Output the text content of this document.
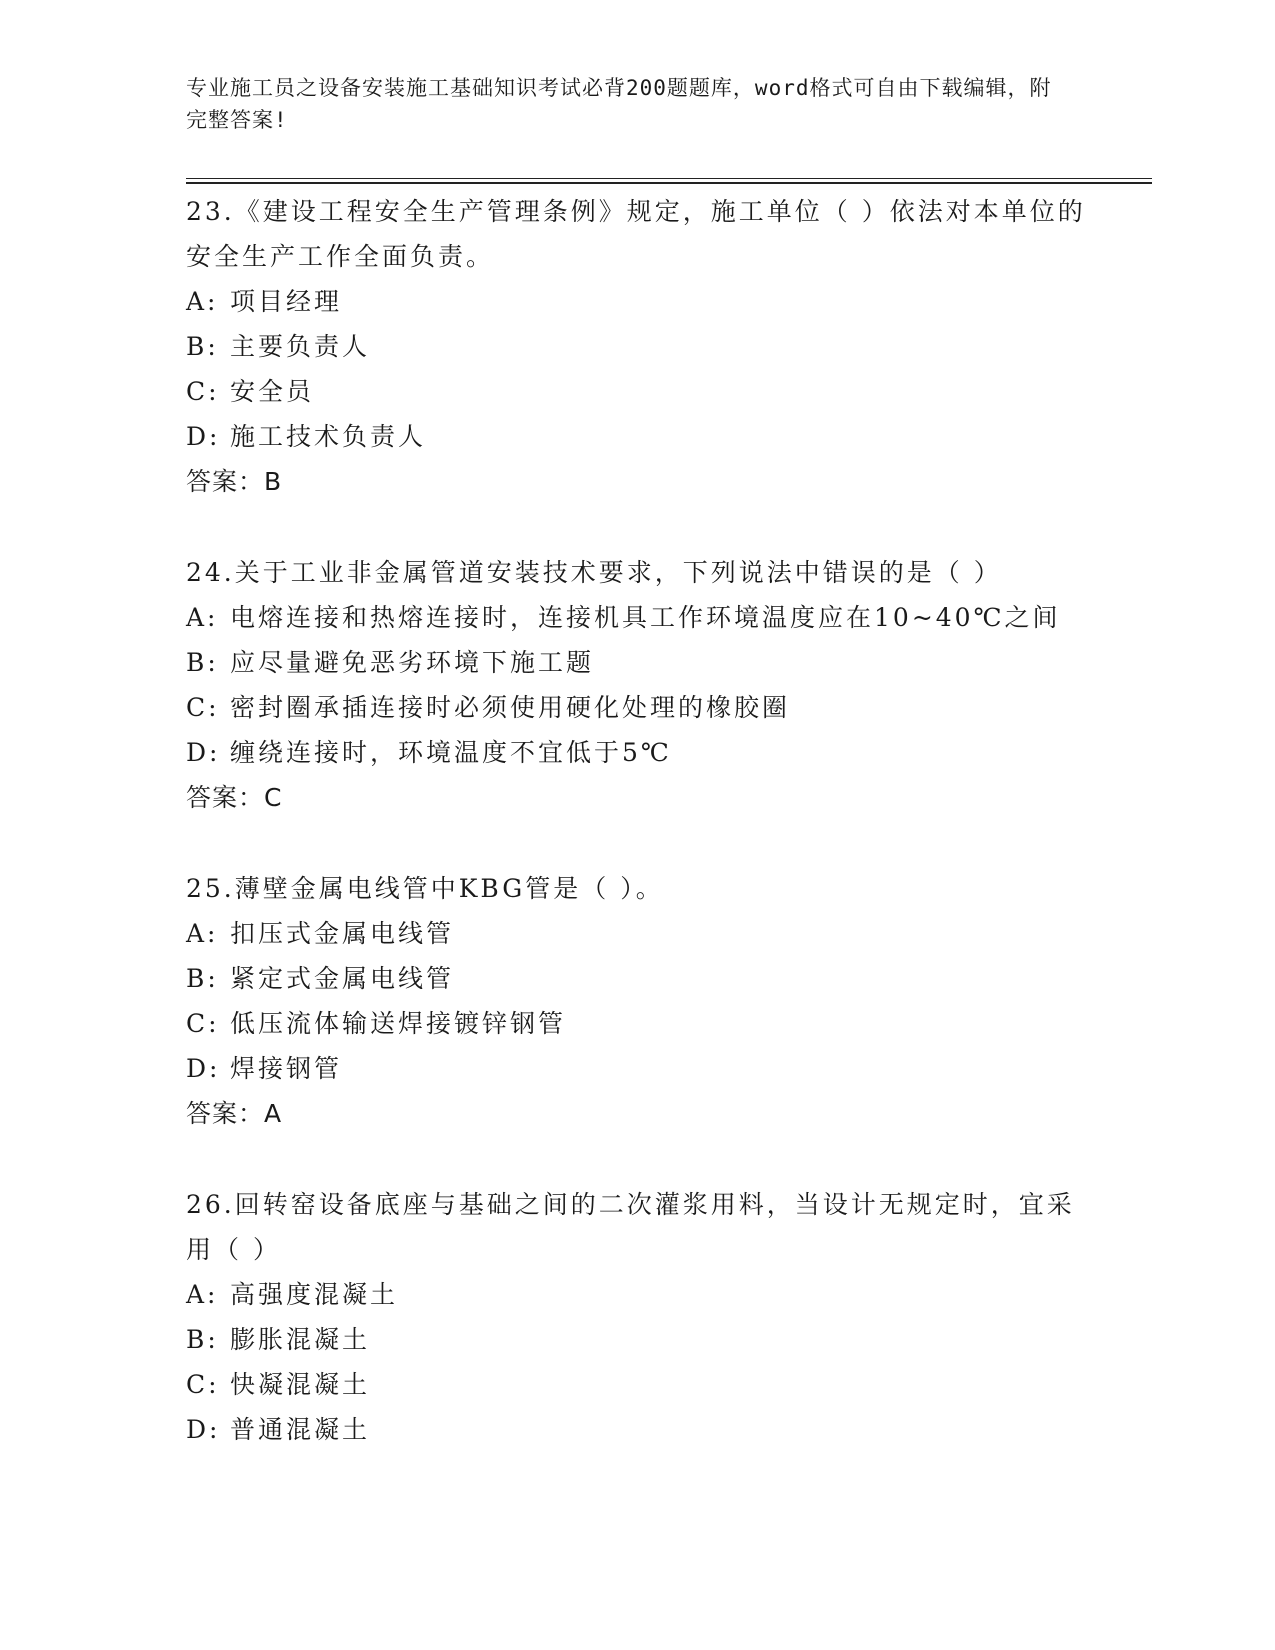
专业施工员之设备安装施工基础知识考试必背200题题库，word格式可自由下载编辑，附完整答案!
23.《建设工程安全生产管理条例》规定，施工单位（ ）依法对本单位的安全生产工作全面负责。
A: 项目经理
B: 主要负责人
C: 安全员
D: 施工技术负责人
答案：B
24.关于工业非金属管道安装技术要求，下列说法中错误的是（ ）
A: 电熔连接和热熔连接时，连接机具工作环境温度应在10~40℃之间
B: 应尽量避免恶劣环境下施工题
C: 密封圈承插连接时必须使用硬化处理的橡胶圈
D: 缠绕连接时，环境温度不宜低于5℃
答案：C
25.薄壁金属电线管中KBG管是（ ）。
A: 扣压式金属电线管
B: 紧定式金属电线管
C: 低压流体输送焊接镀锌钢管
D: 焊接钢管
答案：A
26.回转窑设备底座与基础之间的二次灌浆用料，当设计无规定时，宜采用（ ）
A: 高强度混凝土
B: 膨胀混凝土
C: 快凝混凝土
D: 普通混凝土
